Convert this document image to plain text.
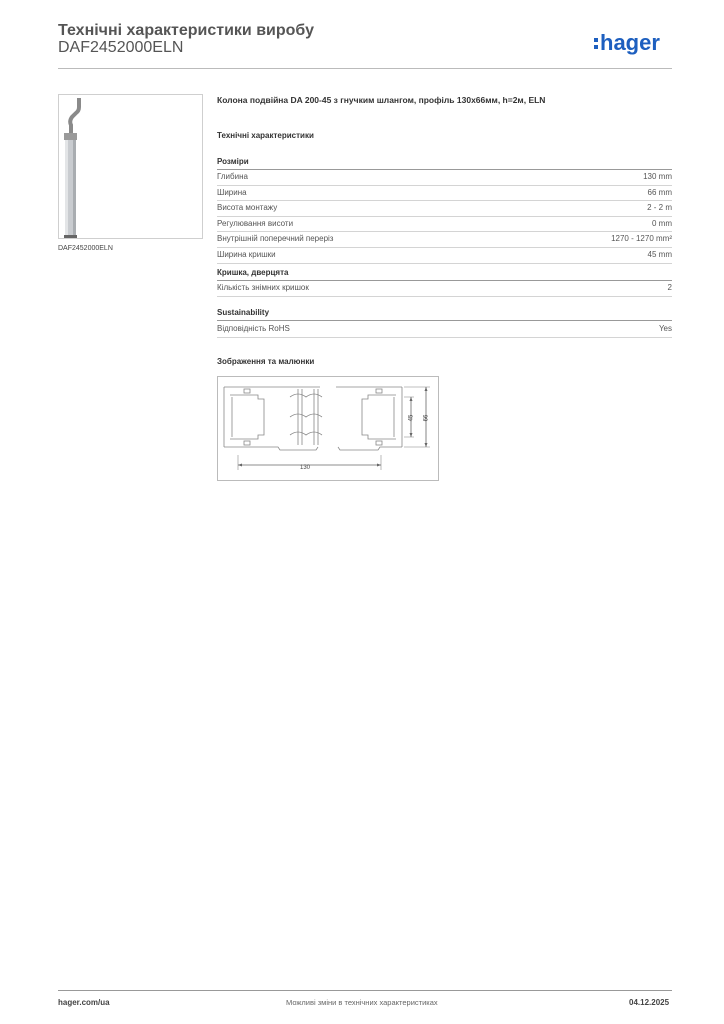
Технічні характеристики виробу
DAF2452000ELN	hager
DAF2452000ELN
Колона подвійна DA 200-45 з гнучким шлангом, профіль 130х66мм, h=2м, ELN
Технічні характеристики
Розміри
Глибина	130 mm
Ширина	66 mm
Висота монтажу	2 - 2 m
Регулювання висоти	0 mm
Внутрішній поперечний переріз	1270 - 1270 mm²
Ширина кришки	45 mm
Кришка, дверцята
Кількість знімних кришок	2
Sustainability
Відповідність RoHS	Yes
Зображення та малюнки
130
45 66
hager.com/ua	Можливі зміни в технічних характеристиках	04.12.2025
